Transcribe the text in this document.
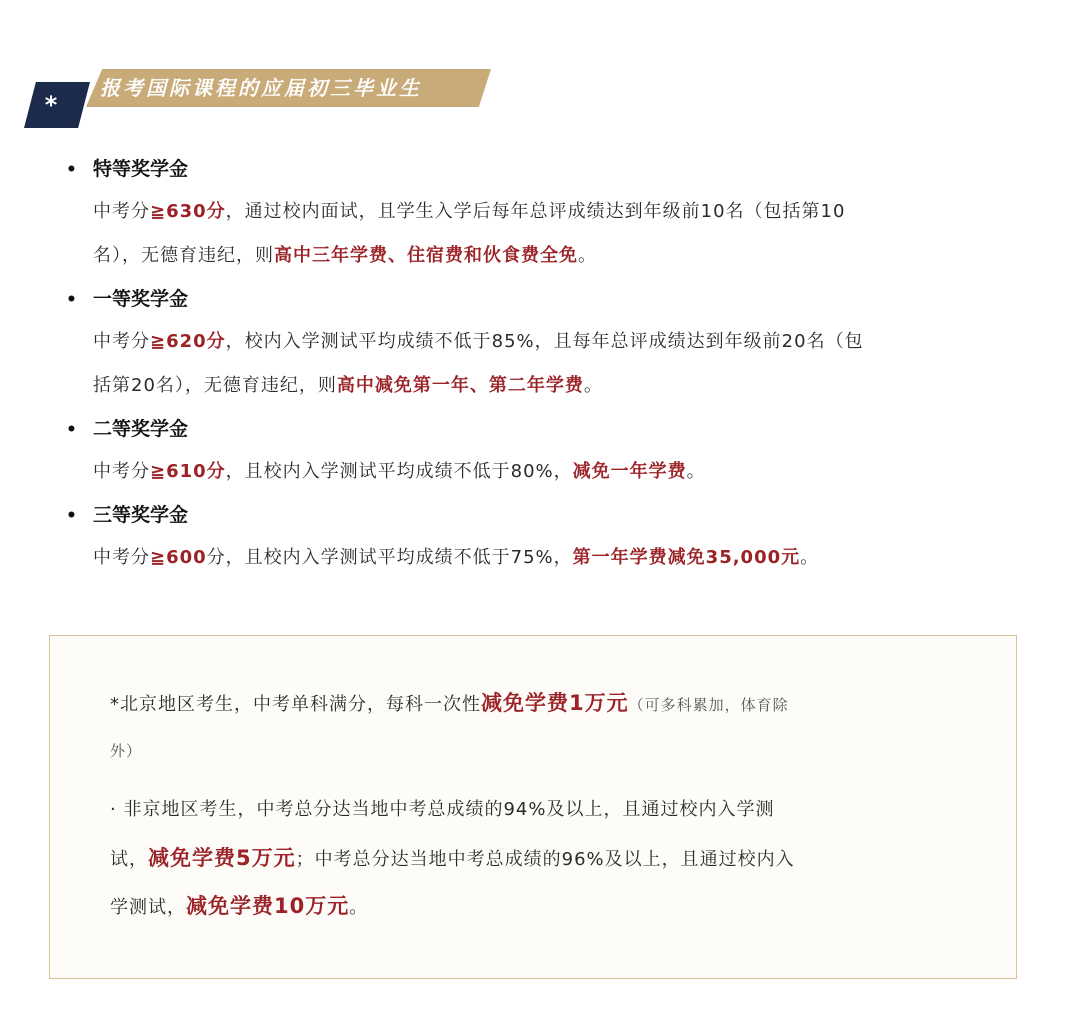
*
报考国际课程的应届初三毕业生
• 特等奖学金
中考分≧630分，通过校内面试，且学生入学后每年总评成绩达到年级前10名（包括第10
名），无德育违纪，则高中三年学费、住宿费和伙食费全免。
• 一等奖学金
中考分≧620分，校内入学测试平均成绩不低于85%，且每年总评成绩达到年级前20名（包
括第20名），无德育违纪，则高中减免第一年、第二年学费。
• 二等奖学金
中考分≧610分，且校内入学测试平均成绩不低于80%，减免一年学费。
• 三等奖学金
中考分≧600分，且校内入学测试平均成绩不低于75%，第一年学费减免35,000元。
*北京地区考生，中考单科满分，每科一次性减免学费1万元（可多科累加，体育除
外）
· 非京地区考生，中考总分达当地中考总成绩的94%及以上，且通过校内入学测
试，减免学费5万元；中考总分达当地中考总成绩的96%及以上，且通过校内入
学测试，减免学费10万元。
